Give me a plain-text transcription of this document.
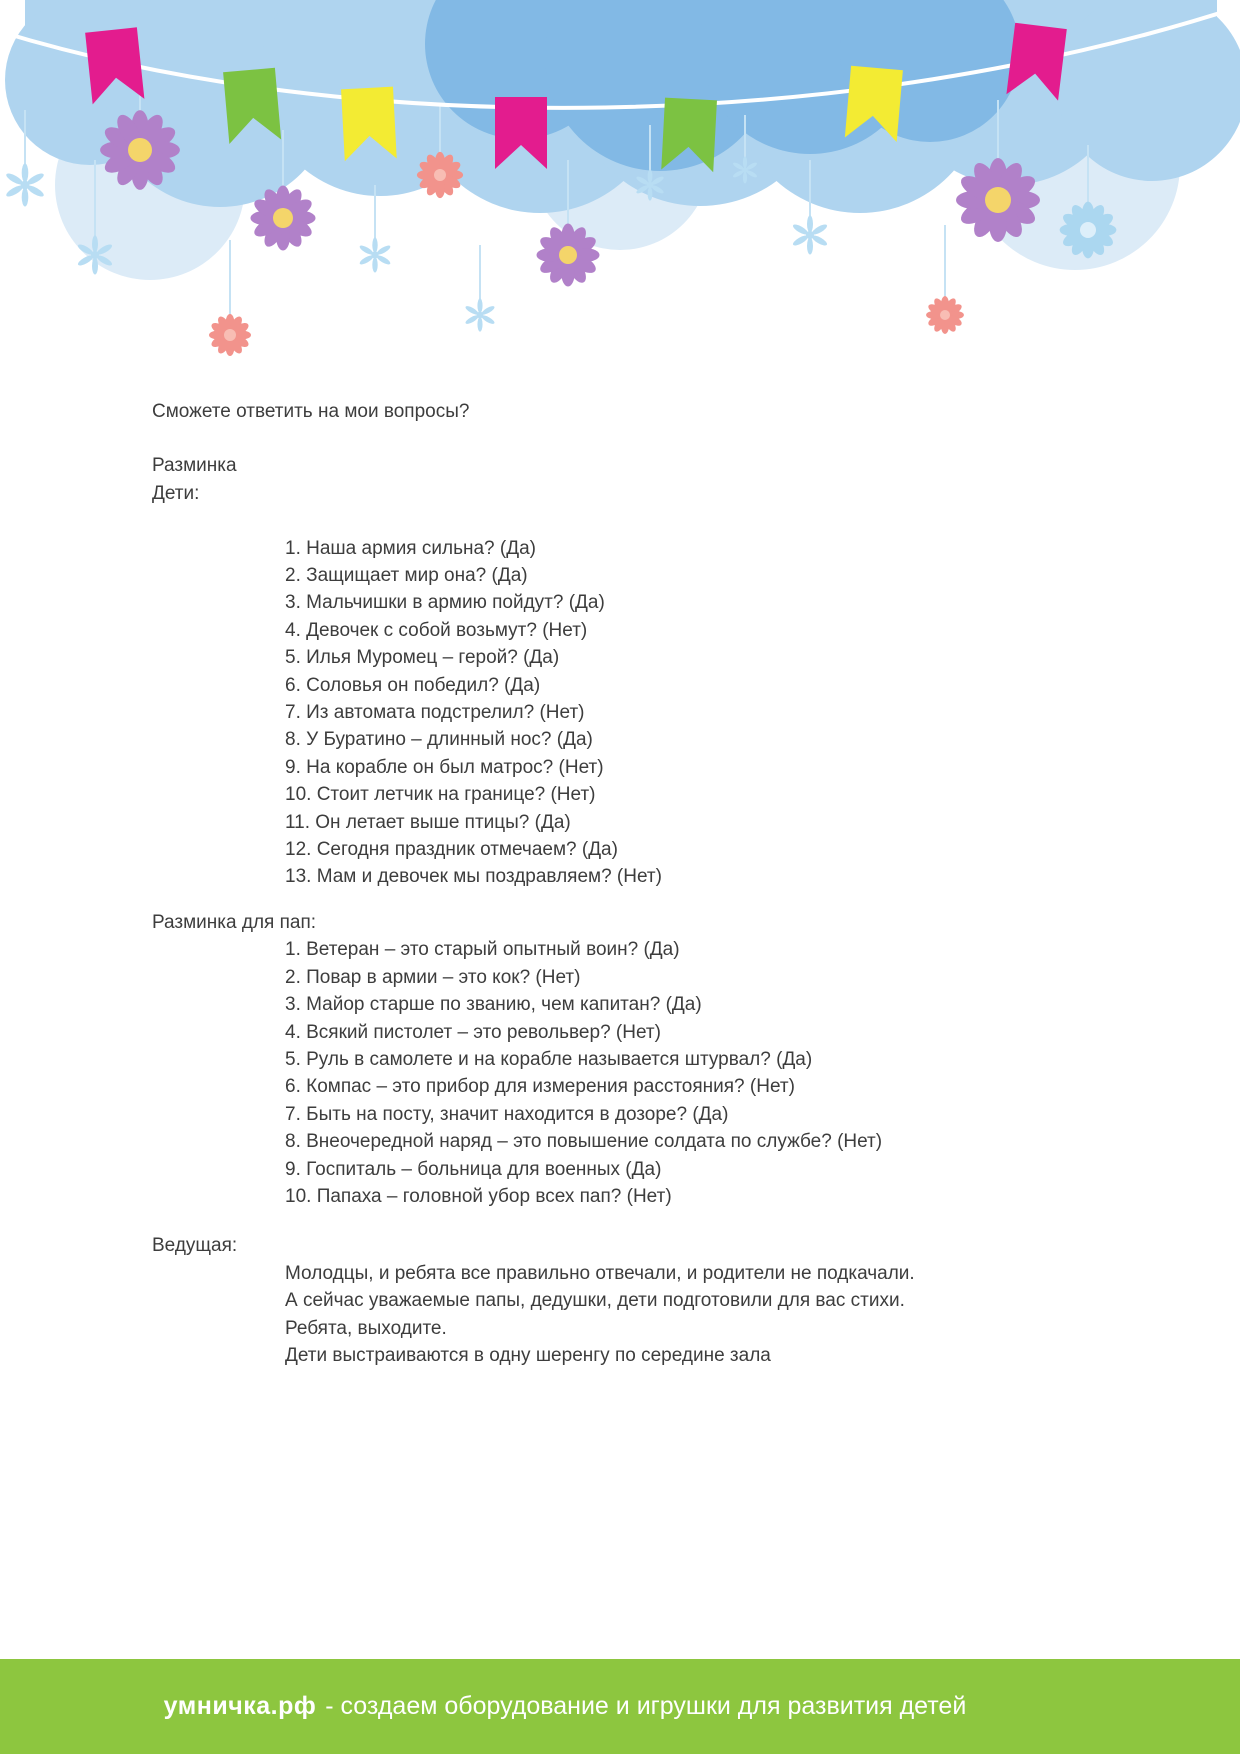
Сможете ответить на мои вопросы?

Разминка

Дети:

1. Наша армия сильна? (Да)
2. Защищает мир она? (Да)
3. Мальчишки в армию пойдут? (Да)
4. Девочек с собой возьмут? (Нет)
5. Илья Муромец – герой? (Да)
6. Соловья он победил? (Да)
7. Из автомата подстрелил? (Нет)
8. У Буратино – длинный нос? (Да)
9. На корабле он был матрос? (Нет)
10. Стоит летчик на границе? (Нет)
11. Он летает выше птицы? (Да)
12. Сегодня праздник отмечаем? (Да)
13. Мам и девочек мы поздравляем? (Нет)

Разминка для пап:

1. Ветеран – это старый опытный воин? (Да)
2. Повар в армии – это кок? (Нет)
3. Майор старше по званию, чем капитан? (Да)
4. Всякий пистолет – это револьвер? (Нет)
5. Руль в самолете и на корабле называется штурвал? (Да)
6. Компас – это прибор для измерения расстояния? (Нет)
7. Быть на посту, значит находится в дозоре? (Да)
8. Внеочередной наряд – это повышение солдата по службе? (Нет)
9. Госпиталь – больница для военных (Да)
10. Папаха – головной убор всех пап? (Нет)

Ведущая:

Молодцы, и ребята все правильно отвечали, и родители не подкачали.
А сейчас уважаемые папы, дедушки, дети подготовили для вас стихи.
Ребята, выходите.
Дети выстраиваются в одну шеренгу по середине зала
умничка.рф - создаем оборудование и игрушки для развития детей
